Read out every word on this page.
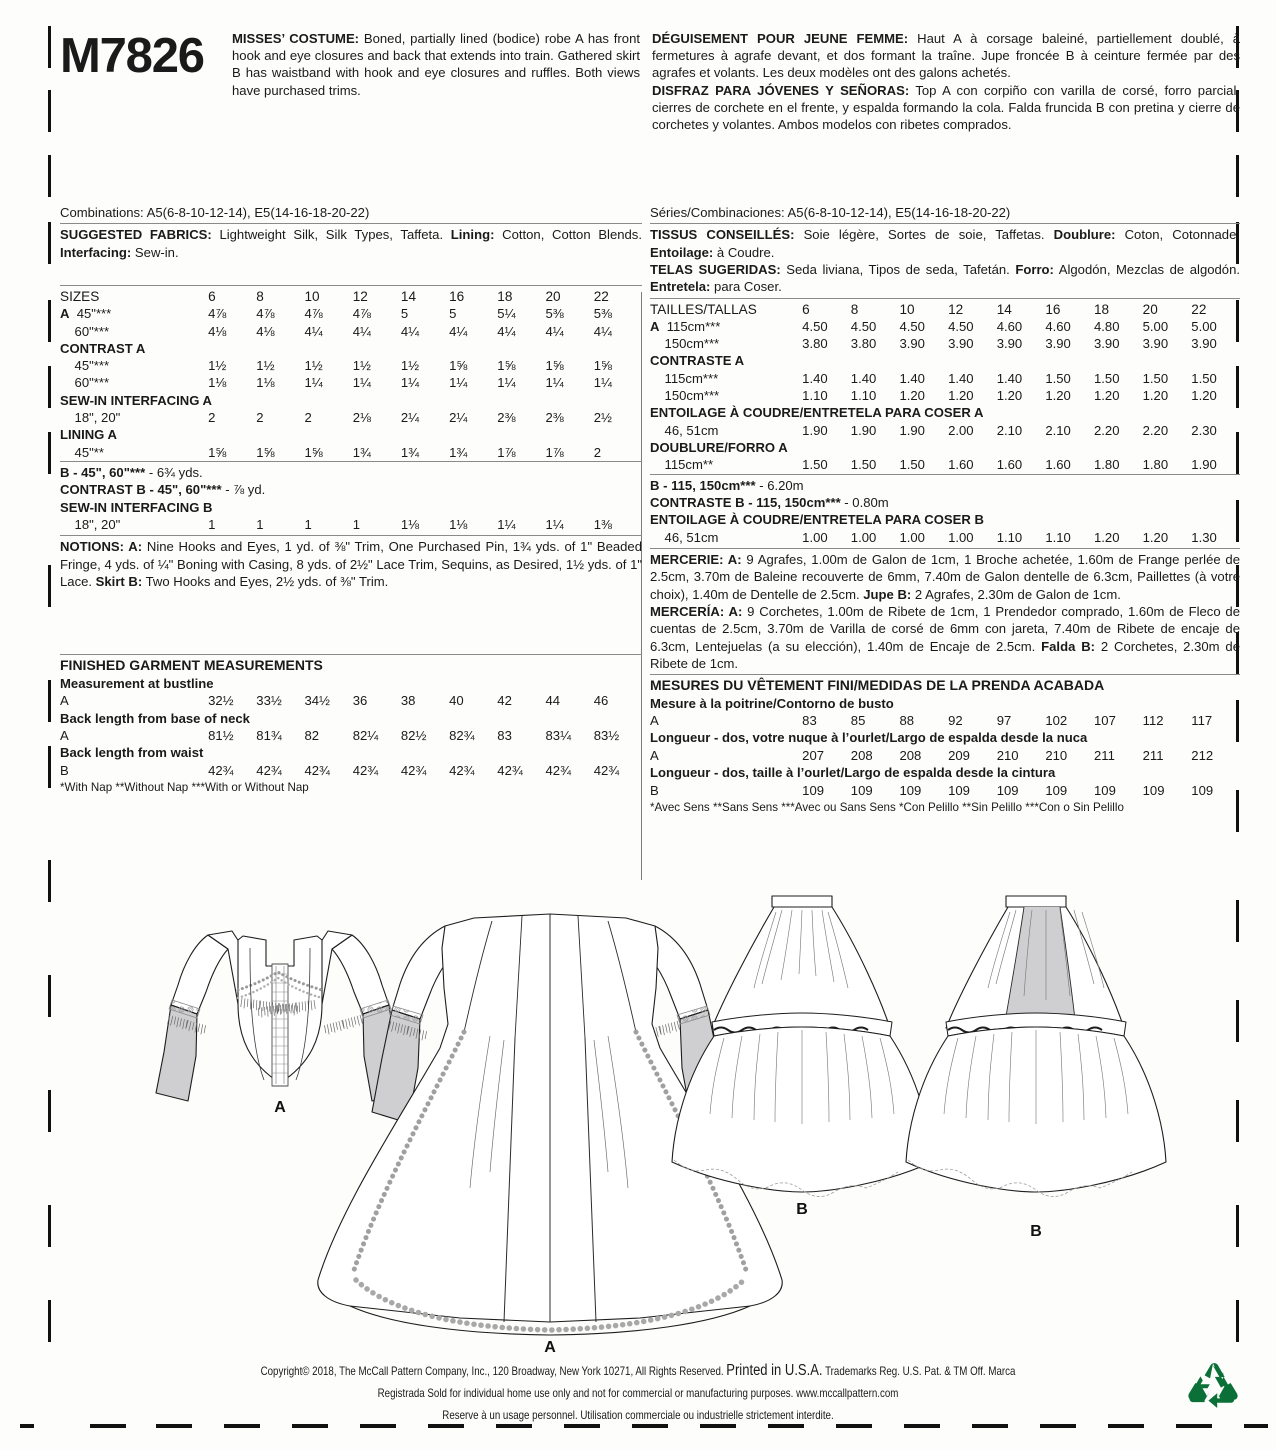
M7826 MISSES’ COSTUME: Boned, partially lined (bodice) robe A has front hook and eye closures and back that extends into train. Gathered skirt B has waistband with hook and eye closures and ruffles. Both views have purchased trims.
DÉGUISEMENT POUR JEUNE FEMME: Haut A à corsage baleiné, partiellement doublé, à fermetures à agrafe devant, et dos formant la traîne. Jupe froncée B à ceinture fermée par des agrafes et volants. Les deux modèles ont des galons achetés.
DISFRAZ PARA JÓVENES Y SEÑORAS: Top A con corpiño con varilla de corsé, forro parcial, cierres de corchete en el frente, y espalda formando la cola. Falda fruncida B con pretina y cierre de corchetes y volantes. Ambos modelos con ribetes comprados.
Combinations: A5(6-8-10-12-14), E5(14-16-18-20-22)
SUGGESTED FABRICS: Lightweight Silk, Silk Types, Taffeta. Lining: Cotton, Cotton Blends. Interfacing: Sew-in.
SIZES	6	8	10	12	14	16	18	20	22
A  45"***	4⅞	4⅞	4⅞	4⅞	5	5	5¼	5⅜	5⅜
60"***	4⅛	4⅛	4¼	4¼	4¼	4¼	4¼	4¼	4¼
CONTRAST A									
45"***	1½	1½	1½	1½	1½	1⅝	1⅝	1⅝	1⅝
60"***	1⅛	1⅛	1¼	1¼	1¼	1¼	1¼	1¼	1¼
SEW-IN INTERFACING A									
18", 20"	2	2	2	2⅛	2¼	2¼	2⅜	2⅜	2½
LINING A									
45"**	1⅝	1⅝	1⅝	1¾	1¾	1¾	1⅞	1⅞	2
B - 45", 60"*** - 6¾ yds.
CONTRAST B - 45", 60"*** - ⅞ yd.
SEW-IN INTERFACING B
18", 20"	1	1	1	1	1⅛	1⅛	1¼	1¼	1⅜
NOTIONS: A: Nine Hooks and Eyes, 1 yd. of ⅜" Trim, One Purchased Pin, 1¾ yds. of 1" Beaded Fringe, 4 yds. of ¼" Boning with Casing, 8 yds. of 2½" Lace Trim, Sequins, as Desired, 1½ yds. of 1" Lace. Skirt B: Two Hooks and Eyes, 2½ yds. of ⅜" Trim.
FINISHED GARMENT MEASUREMENTS
Measurement at bustline
A	32½	33½	34½	36	38	40	42	44	46
Back length from base of neck
A	81½	81¾	82	82¼	82½	82¾	83	83¼	83½
Back length from waist
B	42¾	42¾	42¾	42¾	42¾	42¾	42¾	42¾	42¾
*With Nap **Without Nap ***With or Without Nap
Séries/Combinaciones: A5(6-8-10-12-14), E5(14-16-18-20-22)
TISSUS CONSEILLÉS: Soie légère, Sortes de soie, Taffetas. Doublure: Coton, Cotonnade. Entoilage: à Coudre.
TELAS SUGERIDAS: Seda liviana, Tipos de seda, Tafetán. Forro: Algodón, Mezclas de algodón. Entretela: para Coser.
TAILLES/TALLAS	6	8	10	12	14	16	18	20	22
A  115cm***	4.50	4.50	4.50	4.50	4.60	4.60	4.80	5.00	5.00
150cm***	3.80	3.80	3.90	3.90	3.90	3.90	3.90	3.90	3.90
CONTRASTE A									
115cm***	1.40	1.40	1.40	1.40	1.40	1.50	1.50	1.50	1.50
150cm***	1.10	1.10	1.20	1.20	1.20	1.20	1.20	1.20	1.20
ENTOILAGE À COUDRE/ENTRETELA PARA COSER A									
46, 51cm	1.90	1.90	1.90	2.00	2.10	2.10	2.20	2.20	2.30
DOUBLURE/FORRO A									
115cm**	1.50	1.50	1.50	1.60	1.60	1.60	1.80	1.80	1.90
B - 115, 150cm*** - 6.20m
CONTRASTE B - 115, 150cm*** - 0.80m
ENTOILAGE À COUDRE/ENTRETELA PARA COSER B
46, 51cm	1.00	1.00	1.00	1.00	1.10	1.10	1.20	1.20	1.30
MERCERIE: A: 9 Agrafes, 1.00m de Galon de 1cm, 1 Broche achetée, 1.60m de Frange perlée de 2.5cm, 3.70m de Baleine recouverte de 6mm, 7.40m de Galon dentelle de 6.3cm, Paillettes (à votre choix), 1.40m de Dentelle de 2.5cm. Jupe B: 2 Agrafes, 2.30m de Galon de 1cm.
MERCERÍA: A: 9 Corchetes, 1.00m de Ribete de 1cm, 1 Prendedor comprado, 1.60m de Fleco de cuentas de 2.5cm, 3.70m de Varilla de corsé de 6mm con jareta, 7.40m de Ribete de encaje de 6.3cm, Lentejuelas (a su elección), 1.40m de Encaje de 2.5cm. Falda B: 2 Corchetes, 2.30m de Ribete de 1cm.
MESURES DU VÊTEMENT FINI/MEDIDAS DE LA PRENDA ACABADA
Mesure à la poitrine/Contorno de busto
A	83	85	88	92	97	102	107	112	117
Longueur - dos, votre nuque à l’ourlet/Largo de espalda desde la nuca
A	207	208	208	209	210	210	211	211	212
Longueur - dos, taille à l’ourlet/Largo de espalda desde la cintura
B	109	109	109	109	109	109	109	109	109
*Avec Sens **Sans Sens ***Avec ou Sans Sens *Con Pelillo **Sin Pelillo ***Con o Sin Pelillo
A
A
B
B
Copyright© 2018, The McCall Pattern Company, Inc., 120 Broadway, New York 10271, All Rights Reserved. Printed in U.S.A. Trademarks Reg. U.S. Pat. & TM Off. Marca
Registrada Sold for individual home use only and not for commercial or manufacturing purposes. www.mccallpattern.com
Reserve à un usage personnel. Utilisation commerciale ou industrielle strictement interdite.
